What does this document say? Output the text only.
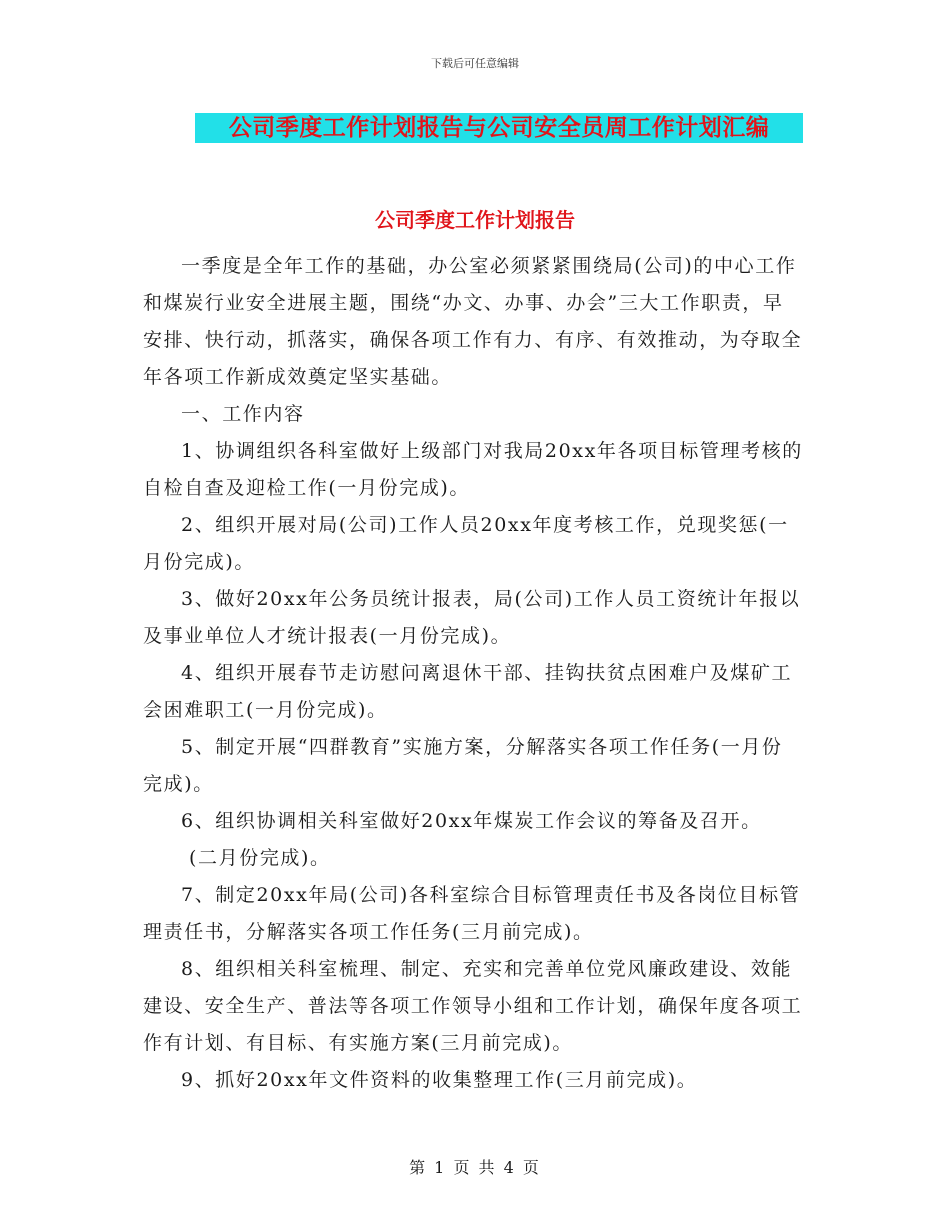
下载后可任意编辑
公司季度工作计划报告与公司安全员周工作计划汇编
公司季度工作计划报告

一季度是全年工作的基础，办公室必须紧紧围绕局(公司)的中心工作和煤炭行业安全进展主题，围绕“办文、办事、办会”三大工作职责，早安排、快行动，抓落实，确保各项工作有力、有序、有效推动，为夺取全年各项工作新成效奠定坚实基础。

一、工作内容

1、协调组织各科室做好上级部门对我局20xx年各项目标管理考核的自检自查及迎检工作(一月份完成)。

2、组织开展对局(公司)工作人员20xx年度考核工作，兑现奖惩(一月份完成)。

3、做好20xx年公务员统计报表，局(公司)工作人员工资统计年报以及事业单位人才统计报表(一月份完成)。

4、组织开展春节走访慰问离退休干部、挂钩扶贫点困难户及煤矿工会困难职工(一月份完成)。

5、制定开展“四群教育”实施方案，分解落实各项工作任务(一月份完成)。

6、组织协调相关科室做好20xx年煤炭工作会议的筹备及召开。

(二月份完成)。

7、制定20xx年局(公司)各科室综合目标管理责任书及各岗位目标管理责任书，分解落实各项工作任务(三月前完成)。

8、组织相关科室梳理、制定、充实和完善单位党风廉政建设、效能建设、安全生产、普法等各项工作领导小组和工作计划，确保年度各项工作有计划、有目标、有实施方案(三月前完成)。

9、抓好20xx年文件资料的收集整理工作(三月前完成)。

第 1 页 共 4 页
